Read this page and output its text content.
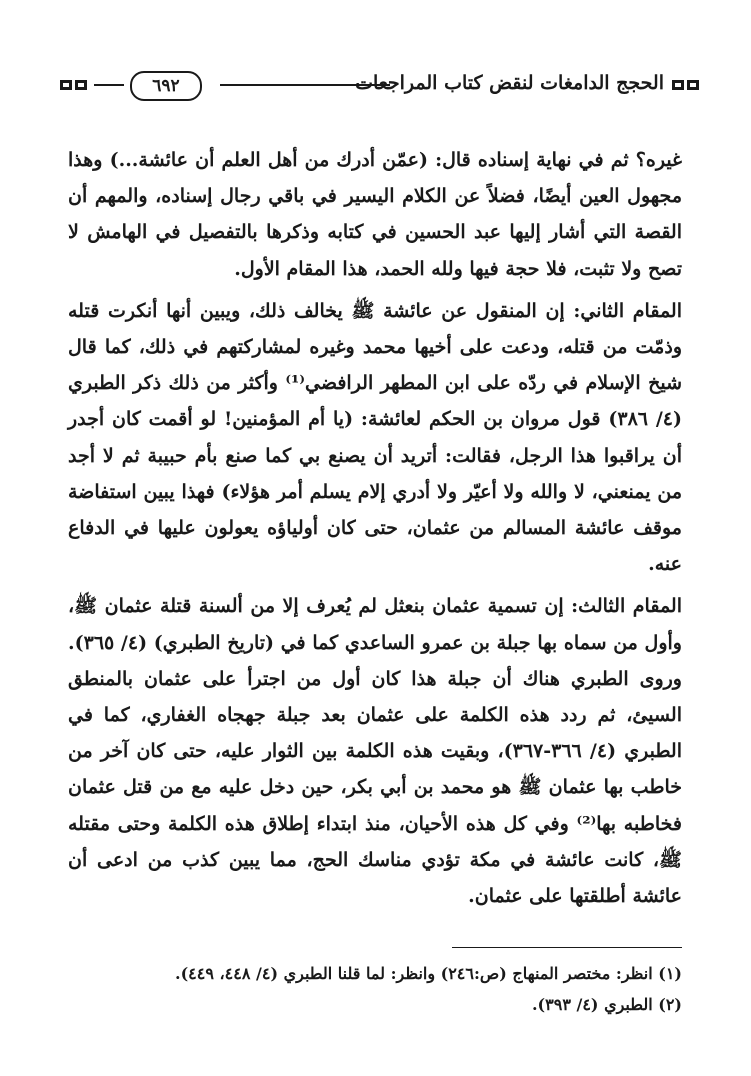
٦٩٢	الحجج الدامغات لنقض كتاب المراجعات

غيره؟ ثم في نهاية إسناده قال: (عمّن أدرك من أهل العلم أن عائشة...) وهذا مجهول العين أيضًا، فضلاً عن الكلام اليسير في باقي رجال إسناده، والمهم أن القصة التي أشار إليها عبد الحسين في كتابه وذكرها بالتفصيل في الهامش لا تصح ولا تثبت، فلا حجة فيها ولله الحمد، هذا المقام الأول.

المقام الثاني: إن المنقول عن عائشة ﷺ يخالف ذلك، ويبين أنها أنكرت قتله وذمّت من قتله، ودعت على أخيها محمد وغيره لمشاركتهم في ذلك، كما قال شيخ الإسلام في ردّه على ابن المطهر الرافضي⁽¹⁾ وأكثر من ذلك ذكر الطبري (٤/ ٣٨٦) قول مروان بن الحكم لعائشة: (يا أم المؤمنين! لو أقمت كان أجدر أن يراقبوا هذا الرجل، فقالت: أتريد أن يصنع بي كما صنع بأم حبيبة ثم لا أجد من يمنعني، لا والله ولا أعيّر ولا أدري إلام يسلم أمر هؤلاء) فهذا يبين استفاضة موقف عائشة المسالم من عثمان، حتى كان أولياؤه يعولون عليها في الدفاع عنه.

المقام الثالث: إن تسمية عثمان بنعثل لم يُعرف إلا من ألسنة قتلة عثمان ﷺ، وأول من سماه بها جبلة بن عمرو الساعدي كما في (تاريخ الطبري) (٤/ ٣٦٥). وروى الطبري هناك أن جبلة هذا كان أول من اجترأ على عثمان بالمنطق السيئ، ثم ردد هذه الكلمة على عثمان بعد جبلة جهجاه الغفاري، كما في الطبري (٤/ ٣٦٦-٣٦٧)، وبقيت هذه الكلمة بين الثوار عليه، حتى كان آخر من خاطب بها عثمان ﷺ هو محمد بن أبي بكر، حين دخل عليه مع من قتل عثمان فخاطبه بها⁽²⁾ وفي كل هذه الأحيان، منذ ابتداء إطلاق هذه الكلمة وحتى مقتله ﷺ، كانت عائشة في مكة تؤدي مناسك الحج، مما يبين كذب من ادعى أن عائشة أطلقتها على عثمان.

(١) انظر: مختصر المنهاج (ص:٢٤٦) وانظر: لما قلنا الطبري (٤/ ٤٤٨، ٤٤٩).
(٢) الطبري (٤/ ٣٩٣).
